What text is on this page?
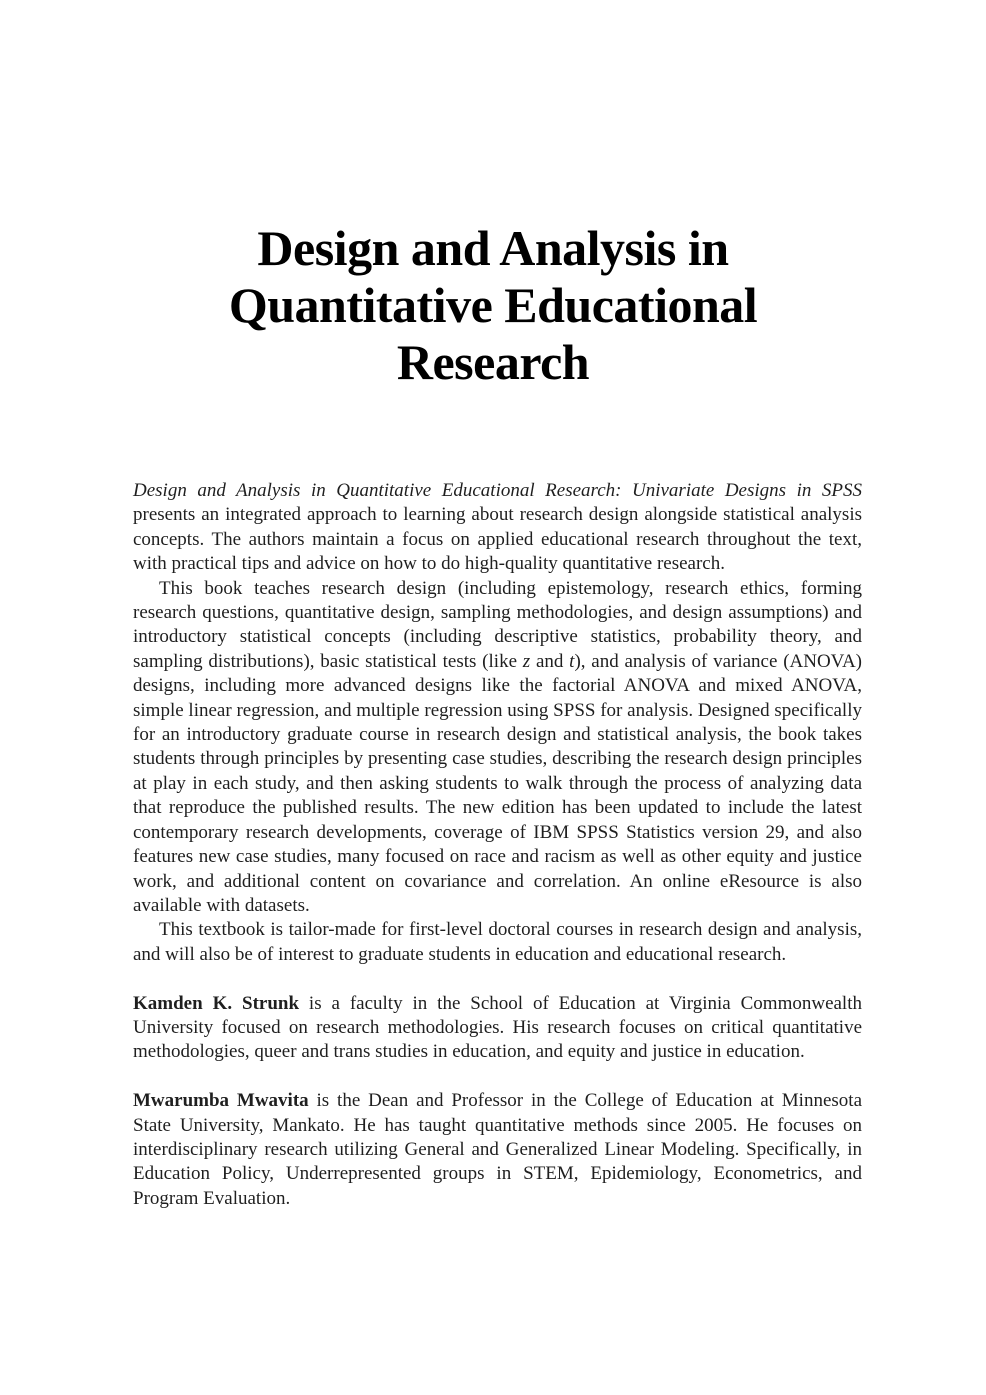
Design and Analysis in
Quantitative Educational
Research

Design and Analysis in Quantitative Educational Research: Univariate Designs in SPSS presents an integrated approach to learning about research design alongside statistical analysis concepts. The authors maintain a focus on applied educational research throughout the text, with practical tips and advice on how to do high-quality quantitative research.

This book teaches research design (including epistemology, research ethics, forming research questions, quantitative design, sampling methodologies, and design assumptions) and introductory statistical concepts (including descriptive statistics, probability theory, and sampling distributions), basic statistical tests (like z and t), and analysis of variance (ANOVA) designs, including more advanced designs like the factorial ANOVA and mixed ANOVA, simple linear regression, and multiple regression using SPSS for analysis. Designed specifically for an introductory graduate course in research design and statistical analysis, the book takes students through principles by presenting case studies, describing the research design principles at play in each study, and then asking students to walk through the process of analyzing data that reproduce the published results. The new edition has been updated to include the latest contemporary research developments, coverage of IBM SPSS Statistics version 29, and also features new case studies, many focused on race and racism as well as other equity and justice work, and additional content on covariance and correlation. An online eResource is also available with datasets.

This textbook is tailor-made for first-level doctoral courses in research design and analysis, and will also be of interest to graduate students in education and educational research.

Kamden K. Strunk is a faculty in the School of Education at Virginia Commonwealth University focused on research methodologies. His research focuses on critical quantitative methodologies, queer and trans studies in education, and equity and justice in education.

Mwarumba Mwavita is the Dean and Professor in the College of Education at Minnesota State University, Mankato. He has taught quantitative methods since 2005. He focuses on interdisciplinary research utilizing General and Generalized Linear Modeling. Specifically, in Education Policy, Underrepresented groups in STEM, Epidemiology, Econometrics, and Program Evaluation.
